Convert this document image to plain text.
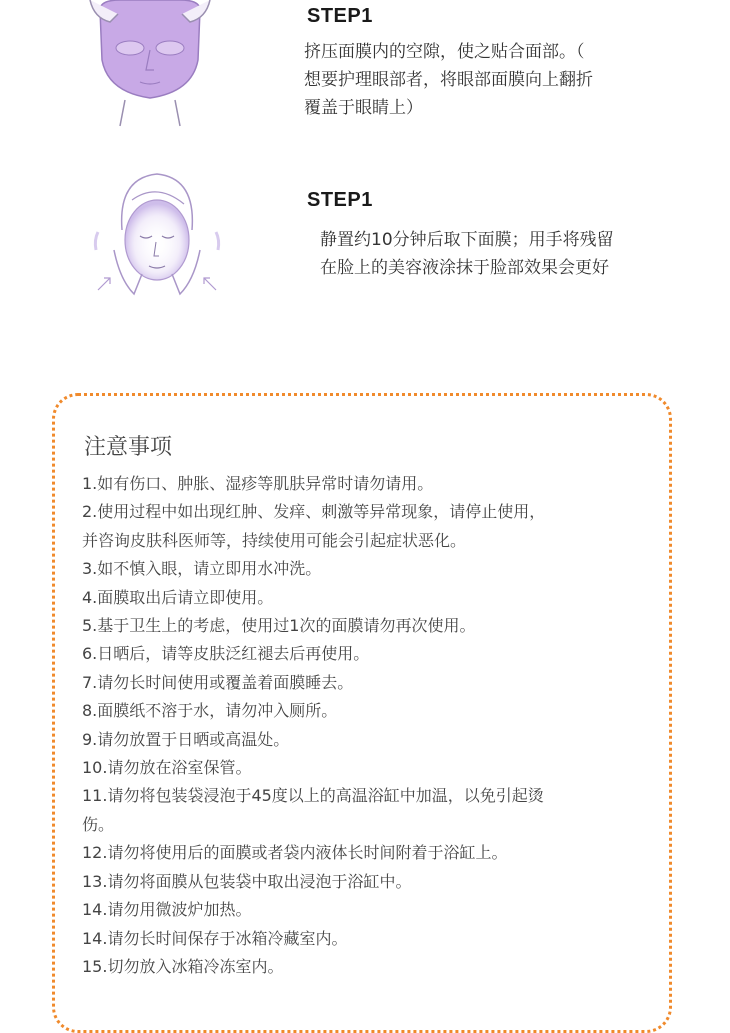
STEP1
挤压面膜内的空隙，使之贴合面部。（
想要护理眼部者，将眼部面膜向上翻折
覆盖于眼睛上）
STEP1
静置约10分钟后取下面膜；用手将残留
在脸上的美容液涂抹于脸部效果会更好
注意事项
1.如有伤口、肿胀、湿疹等肌肤异常时请勿请用。
2.使用过程中如出现红肿、发痒、刺激等异常现象，请停止使用，
并咨询皮肤科医师等，持续使用可能会引起症状恶化。
3.如不慎入眼，请立即用水冲洗。
4.面膜取出后请立即使用。
5.基于卫生上的考虑，使用过1次的面膜请勿再次使用。
6.日晒后，请等皮肤泛红褪去后再使用。
7.请勿长时间使用或覆盖着面膜睡去。
8.面膜纸不溶于水，请勿冲入厕所。
9.请勿放置于日晒或高温处。
10.请勿放在浴室保管。
11.请勿将包装袋浸泡于45度以上的高温浴缸中加温，以免引起烫
伤。
12.请勿将使用后的面膜或者袋内液体长时间附着于浴缸上。
13.请勿将面膜从包装袋中取出浸泡于浴缸中。
14.请勿用微波炉加热。
14.请勿长时间保存于冰箱冷藏室内。
15.切勿放入冰箱冷冻室内。
